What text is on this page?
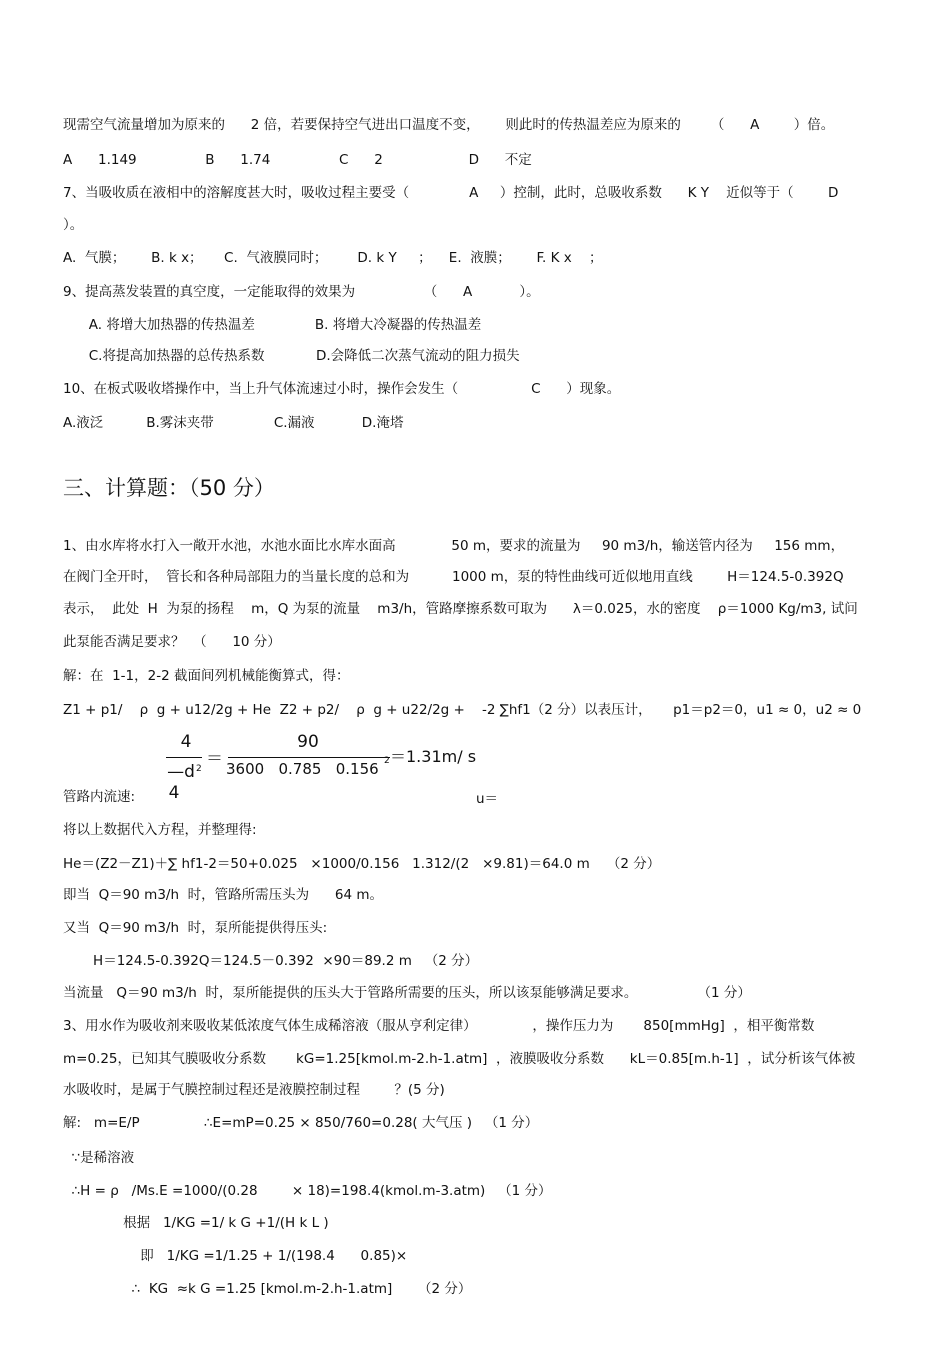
现需空气流量增加为原来的      2 倍，若要保持空气进出口温度不变，      则此时的传热温差应为原来的       （      A        ）倍。
A      1.149                B      1.74                C      2                    D      不定
7、当吸收质在液相中的溶解度甚大时，吸收过程主要受（              A     ）控制，此时，总吸收系数      K Y    近似等于（        D
）。
A.  气膜；      B. k x；     C.  气液膜同时；       D. k Y     ；    E.  液膜；      F. K x    ；
9、提高蒸发装置的真空度，一定能取得的效果为                （      A           ）。
A. 将增大加热器的传热温差              B. 将增大冷凝器的传热温差
C.将提高加热器的总传热系数            D.会降低二次蒸气流动的阻力损失
10、在板式吸收塔操作中，当上升气体流速过小时，操作会发生（                 C      ）现象。
A.液泛          B.雾沫夹带              C.漏液           D.淹塔
三、计算题：（50 分）
1、由水库将水打入一敞开水池，水池水面比水库水面高             50 m，要求的流量为     90 m3/h，输送管内径为     156 mm，
在阀门全开时，  管长和各种局部阻力的当量长度的总和为          1000 m，泵的特性曲线可近似地用直线        H＝124.5-0.392Q
表示，  此处  H  为泵的扬程    m，Q 为泵的流量    m3/h，管路摩擦系数可取为      λ＝0.025，水的密度    ρ＝1000 Kg/m3, 试问
此泵能否满足要求？  （      10 分）
解：在  1-1，2-2 截面间列机械能衡算式，得：
Z1 + p1/    ρ  g + u12/2g + He  Z2 + p2/    ρ  g + u22/2g +    -2 ∑hf1（2 分）以表压计，     p1＝p2＝0，u1 ≈ 0，u2 ≈ 0
4
—d 2
4
＝
90
3600   0.785   0.156 2 ＝1.31m/ s
管路内流速:	u＝
将以上数据代入方程，并整理得:
He＝(Z2－Z1)＋∑ hf1-2＝50+0.025   ×1000/0.156   1.312/(2   ×9.81)＝64.0 m    （2 分）
即当  Q＝90 m3/h  时，管路所需压头为      64 m。
又当  Q＝90 m3/h  时，泵所能提供得压头:
H＝124.5-0.392Q＝124.5－0.392  ×90＝89.2 m   （2 分）
当流量   Q＝90 m3/h  时，泵所能提供的压头大于管路所需要的压头，所以该泵能够满足要求。              （1 分）
3、用水作为吸收剂来吸收某低浓度气体生成稀溶液（服从亨利定律）             ，操作压力为       850[mmHg]  ，相平衡常数
m=0.25，已知其气膜吸收分系数       kG=1.25[kmol.m-2.h-1.atm]  ，液膜吸收分系数      kL＝0.85[m.h-1]  ，试分析该气体被
水吸收时，是属于气膜控制过程还是液膜控制过程        ？(5 分)
解:   m=E/P               ∴E=mP=0.25 × 850/760=0.28( 大气压 )   （1 分）
∵是稀溶液
∴H = ρ   /Ms.E =1000/(0.28        × 18)=198.4(kmol.m-3.atm)   （1 分）
根据   1/KG =1/ k G +1/(H k L )
即   1/KG =1/1.25 + 1/(198.4      0.85)×
∴  KG  ≈k G =1.25 [kmol.m-2.h-1.atm]      （2 分）
